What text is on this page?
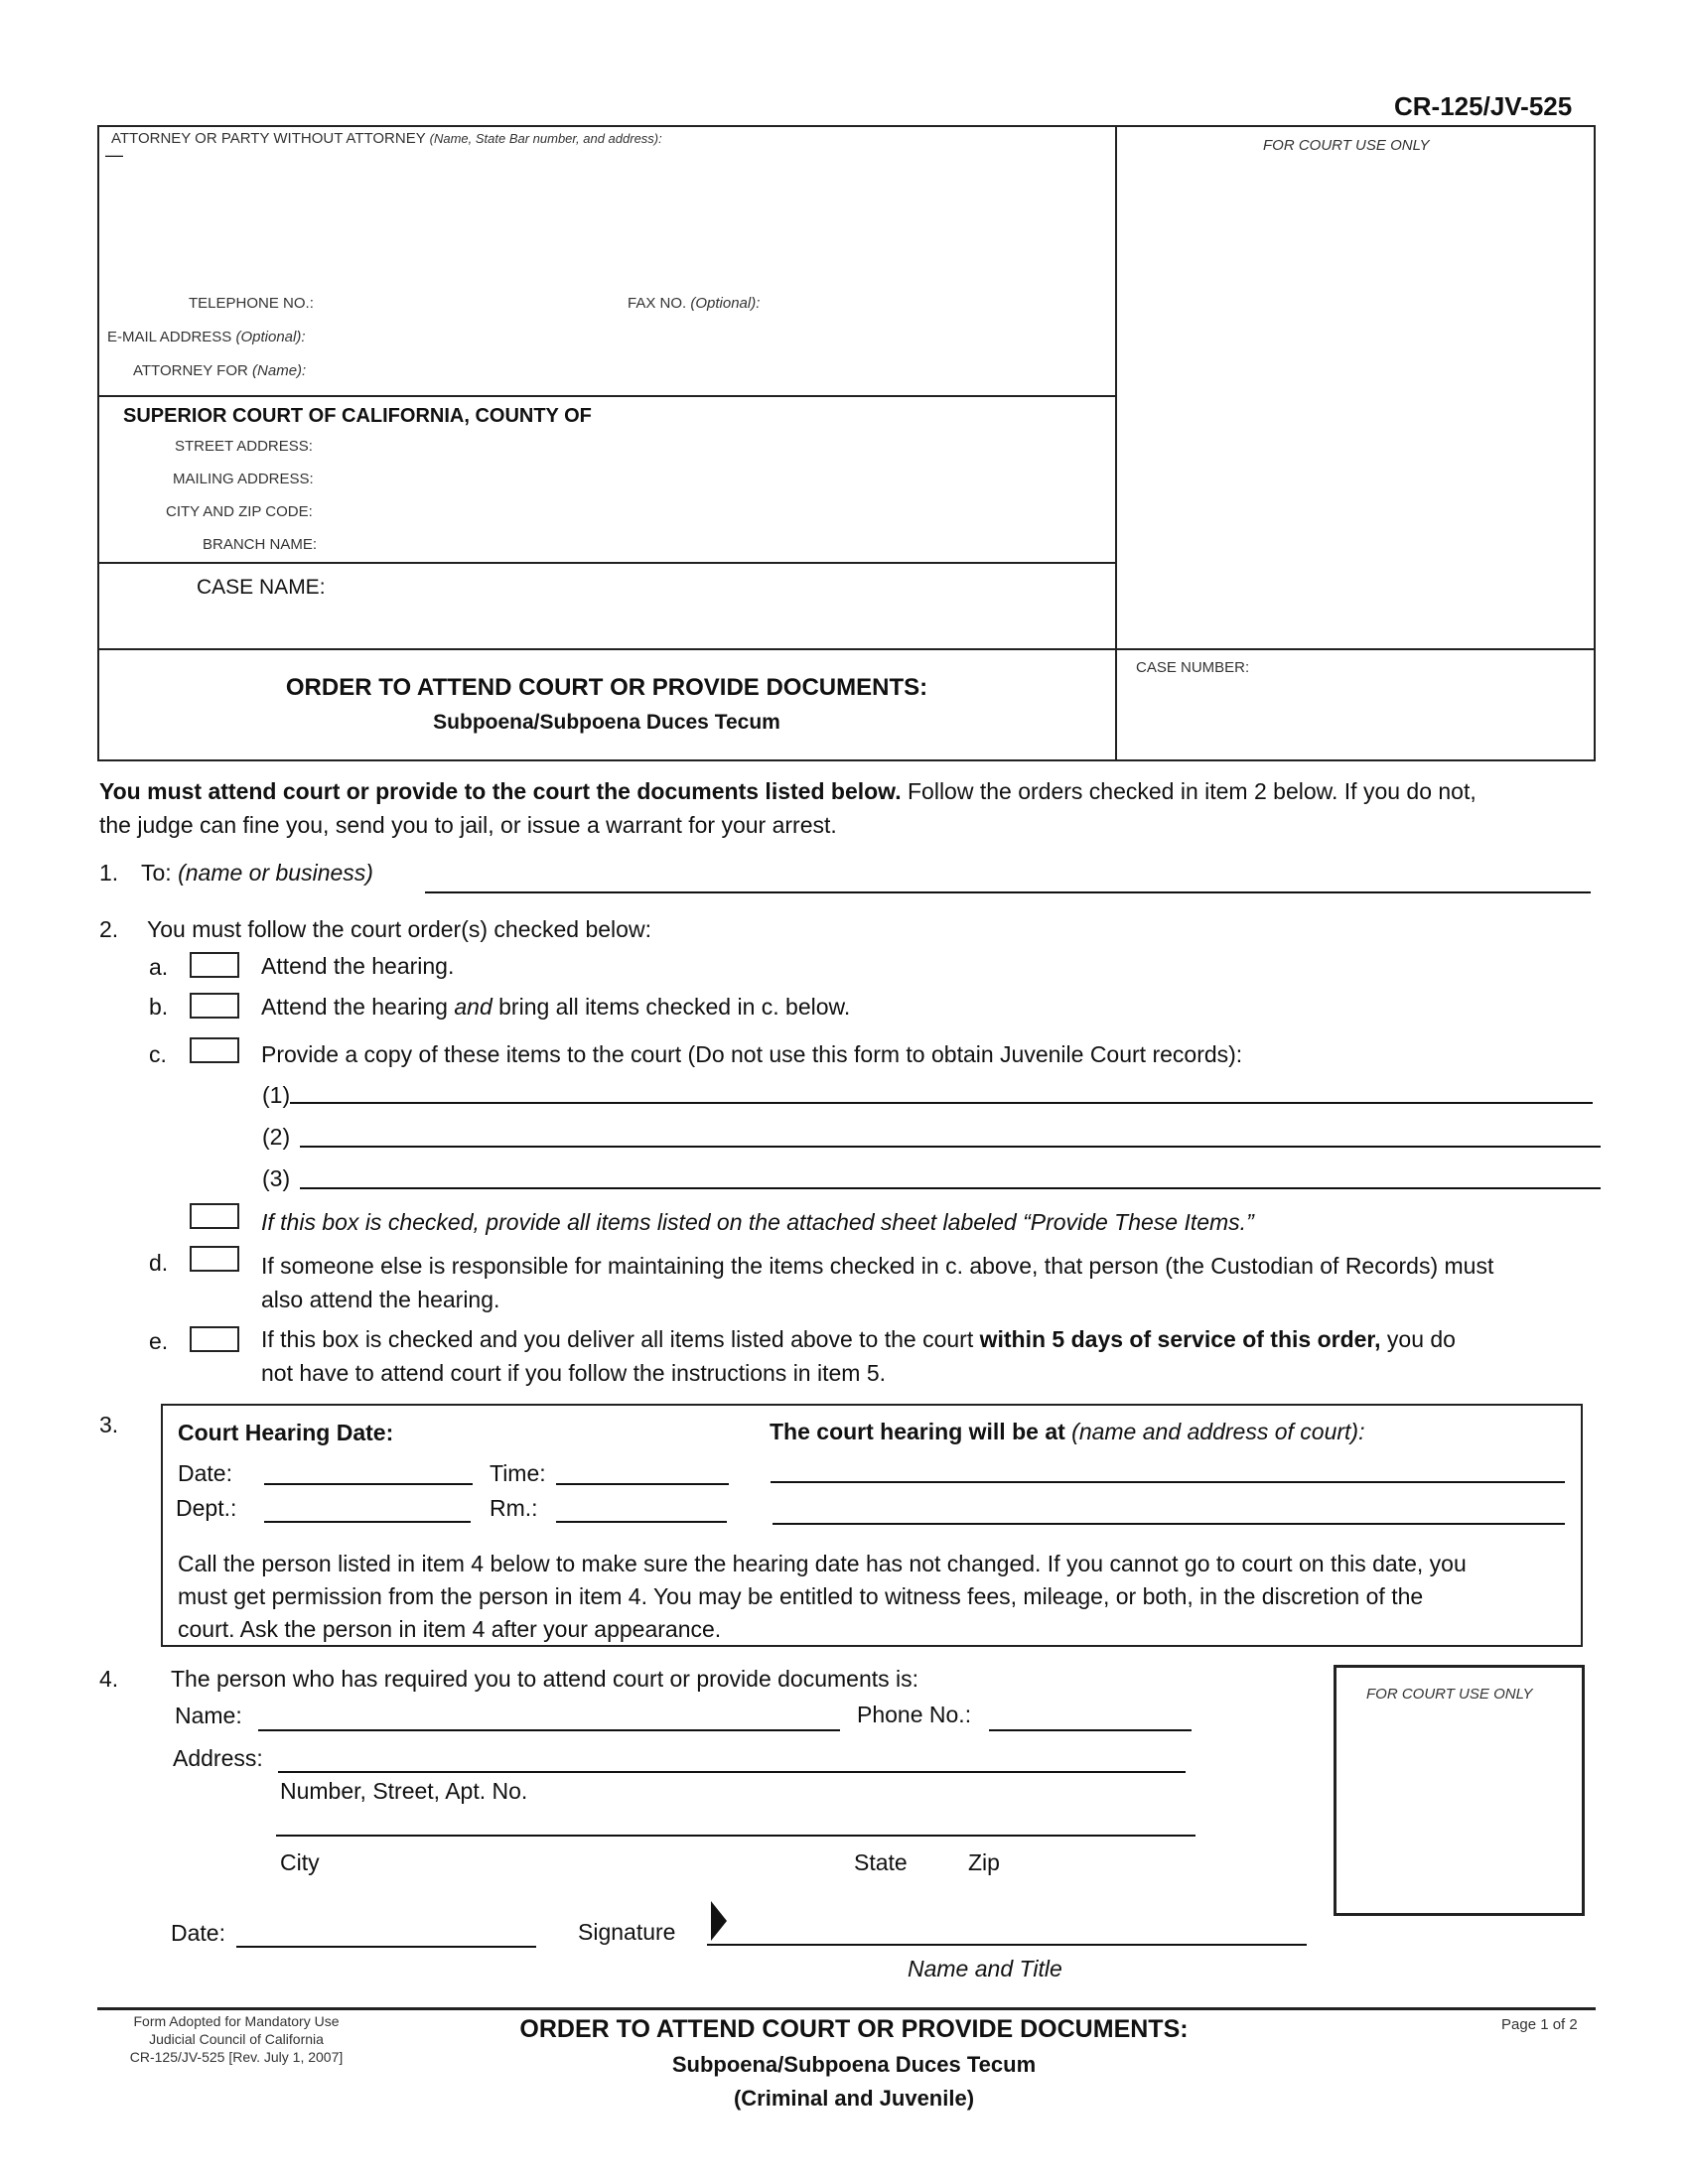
CR-125/JV-525
ATTORNEY OR PARTY WITHOUT ATTORNEY (Name, State Bar number, and address):
—
TELEPHONE NO.:	FAX NO. (Optional):
E-MAIL ADDRESS (Optional):
ATTORNEY FOR (Name):
FOR COURT USE ONLY
SUPERIOR COURT OF CALIFORNIA, COUNTY OF
STREET ADDRESS:
MAILING ADDRESS:
CITY AND ZIP CODE:
BRANCH NAME:
CASE NAME:
CASE NUMBER:
ORDER TO ATTEND COURT OR PROVIDE DOCUMENTS:
Subpoena/Subpoena Duces Tecum
You must attend court or provide to the court the documents listed below. Follow the orders checked in item 2 below. If you do not,
the judge can fine you, send you to jail, or issue a warrant for your arrest.
1. To: (name or business)
2. You must follow the court order(s) checked below:
a.	Attend the hearing.
b.	Attend the hearing and bring all items checked in c. below.
c.	Provide a copy of these items to the court (Do not use this form to obtain Juvenile Court records):
(1)
(2)
(3)
If this box is checked, provide all items listed on the attached sheet labeled “Provide These Items.”
d.	If someone else is responsible for maintaining the items checked in c. above, that person (the Custodian of Records) must
also attend the hearing.
e.	If this box is checked and you deliver all items listed above to the court within 5 days of service of this order, you do
not have to attend court if you follow the instructions in item 5.
3.	Court Hearing Date:	The court hearing will be at (name and address of court):
Date:	Time:
Dept.:	Rm.:
Call the person listed in item 4 below to make sure the hearing date has not changed. If you cannot go to court on this date, you
must get permission from the person in item 4. You may be entitled to witness fees, mileage, or both, in the discretion of the
court. Ask the person in item 4 after your appearance.
4. The person who has required you to attend court or provide documents is:
Name:	Phone No.:
Address:
Number, Street, Apt. No.
City	State	Zip
Date:	Signature
Name and Title
FOR COURT USE ONLY
Form Adopted for Mandatory Use
Judicial Council of California
CR-125/JV-525 [Rev. July 1, 2007]
ORDER TO ATTEND COURT OR PROVIDE DOCUMENTS:
Subpoena/Subpoena Duces Tecum
(Criminal and Juvenile)
Page 1 of 2
